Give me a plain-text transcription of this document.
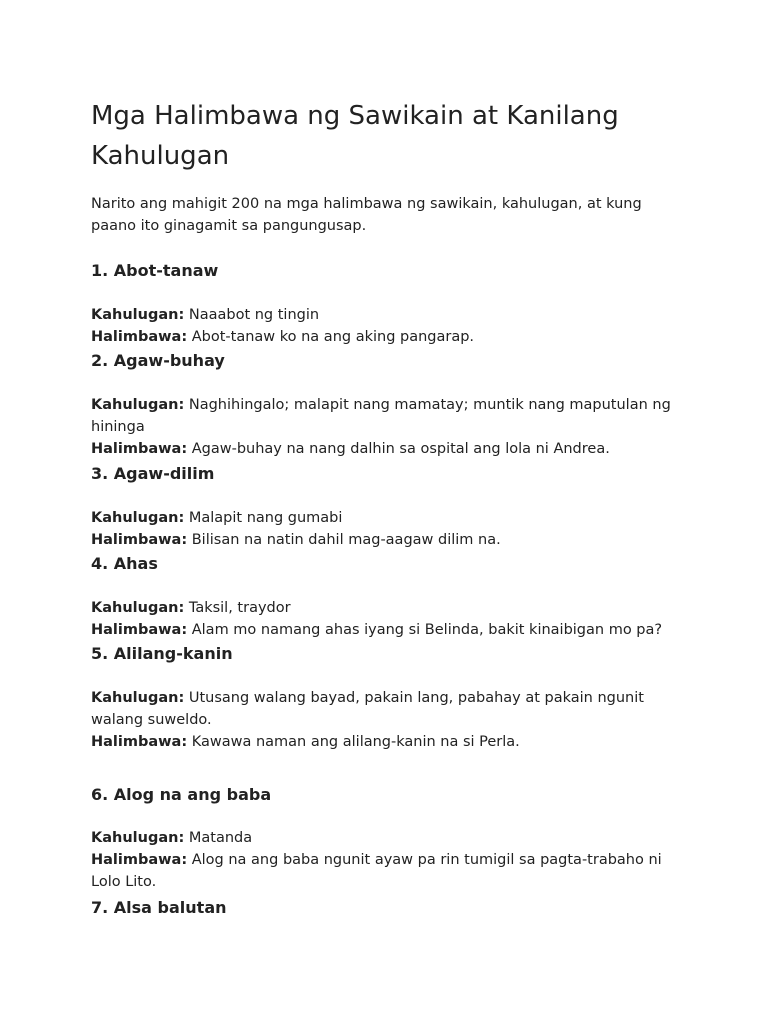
Mga Halimbawa ng Sawikain at Kanilang Kahulugan
Narito ang mahigit 200 na mga halimbawa ng sawikain, kahulugan, at kung paano ito ginagamit sa pangungusap.
1. Abot-tanaw
Kahulugan: Naaabot ng tingin
Halimbawa: Abot-tanaw ko na ang aking pangarap.
2. Agaw-buhay
Kahulugan: Naghihingalo; malapit nang mamatay; muntik nang maputulan ng hininga
Halimbawa: Agaw-buhay na nang dalhin sa ospital ang lola ni Andrea.
3. Agaw-dilim
Kahulugan: Malapit nang gumabi
Halimbawa: Bilisan na natin dahil mag-aagaw dilim na.
4. Ahas
Kahulugan: Taksil, traydor
Halimbawa: Alam mo namang ahas iyang si Belinda, bakit kinaibigan mo pa?
5. Alilang-kanin
Kahulugan: Utusang walang bayad, pakain lang, pabahay at pakain ngunit walang suweldo.
Halimbawa: Kawawa naman ang alilang-kanin na si Perla.
6. Alog na ang baba
Kahulugan: Matanda
Halimbawa: Alog na ang baba ngunit ayaw pa rin tumigil sa pagta-trabaho ni Lolo Lito.
7. Alsa balutan
